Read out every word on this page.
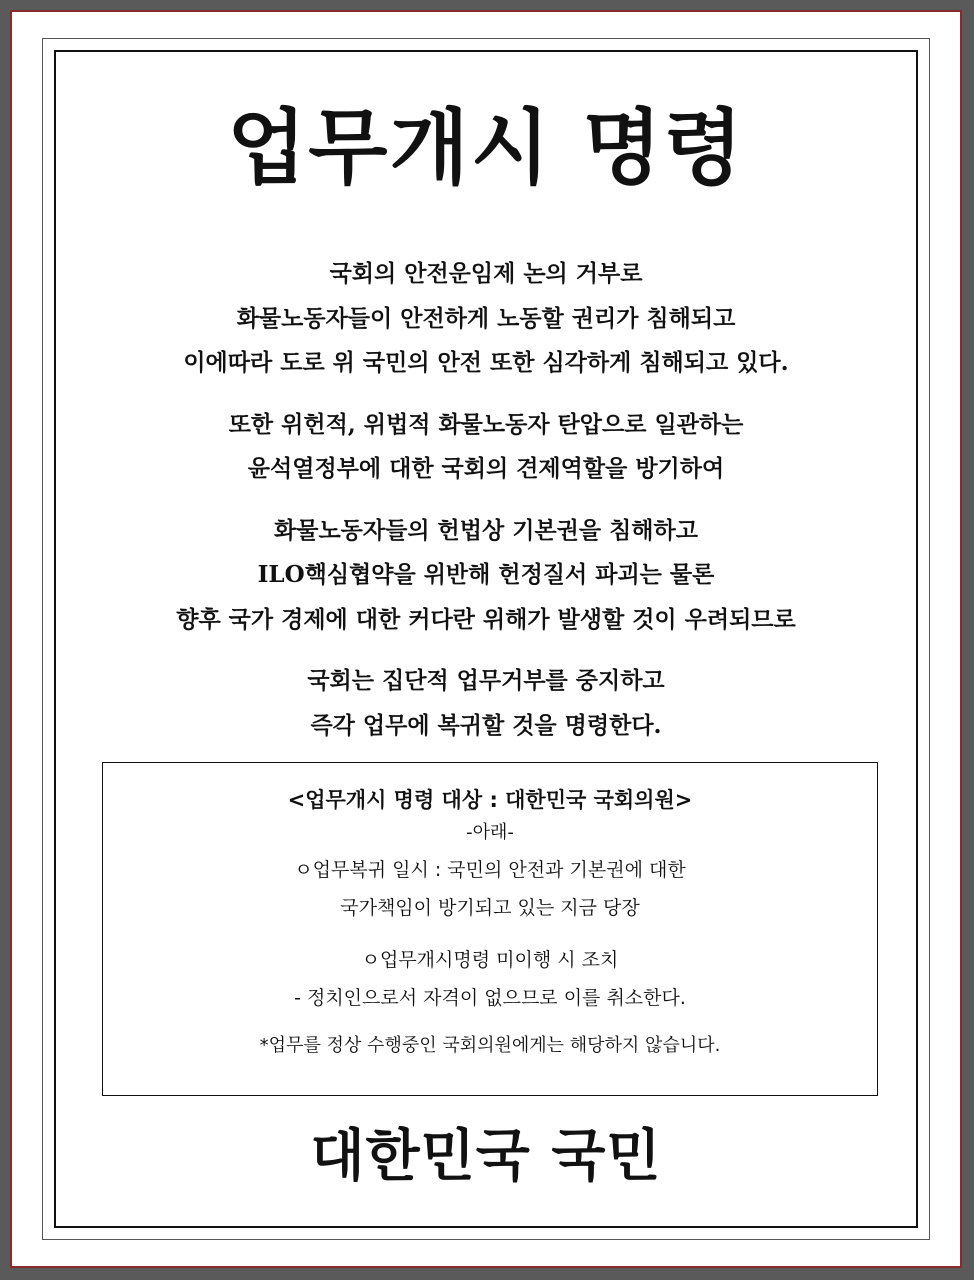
업무개시 명령
국회의 안전운임제 논의 거부로
화물노동자들이 안전하게 노동할 권리가 침해되고
이에따라 도로 위 국민의 안전 또한 심각하게 침해되고 있다.
또한 위헌적, 위법적 화물노동자 탄압으로 일관하는
윤석열정부에 대한 국회의 견제역할을 방기하여
화물노동자들의 헌법상 기본권을 침해하고
ILO핵심협약을 위반해 헌정질서 파괴는 물론
향후 국가 경제에 대한 커다란 위해가 발생할 것이 우려되므로
국회는 집단적 업무거부를 중지하고
즉각 업무에 복귀할 것을 명령한다.
<업무개시 명령 대상 : 대한민국 국회의원>
-아래-
ㅇ업무복귀 일시 : 국민의 안전과 기본권에 대한
국가책임이 방기되고 있는 지금 당장
ㅇ업무개시명령 미이행 시 조치
- 정치인으로서 자격이 없으므로 이를 취소한다.
*업무를 정상 수행중인 국회의원에게는 해당하지 않습니다.
대한민국 국민
